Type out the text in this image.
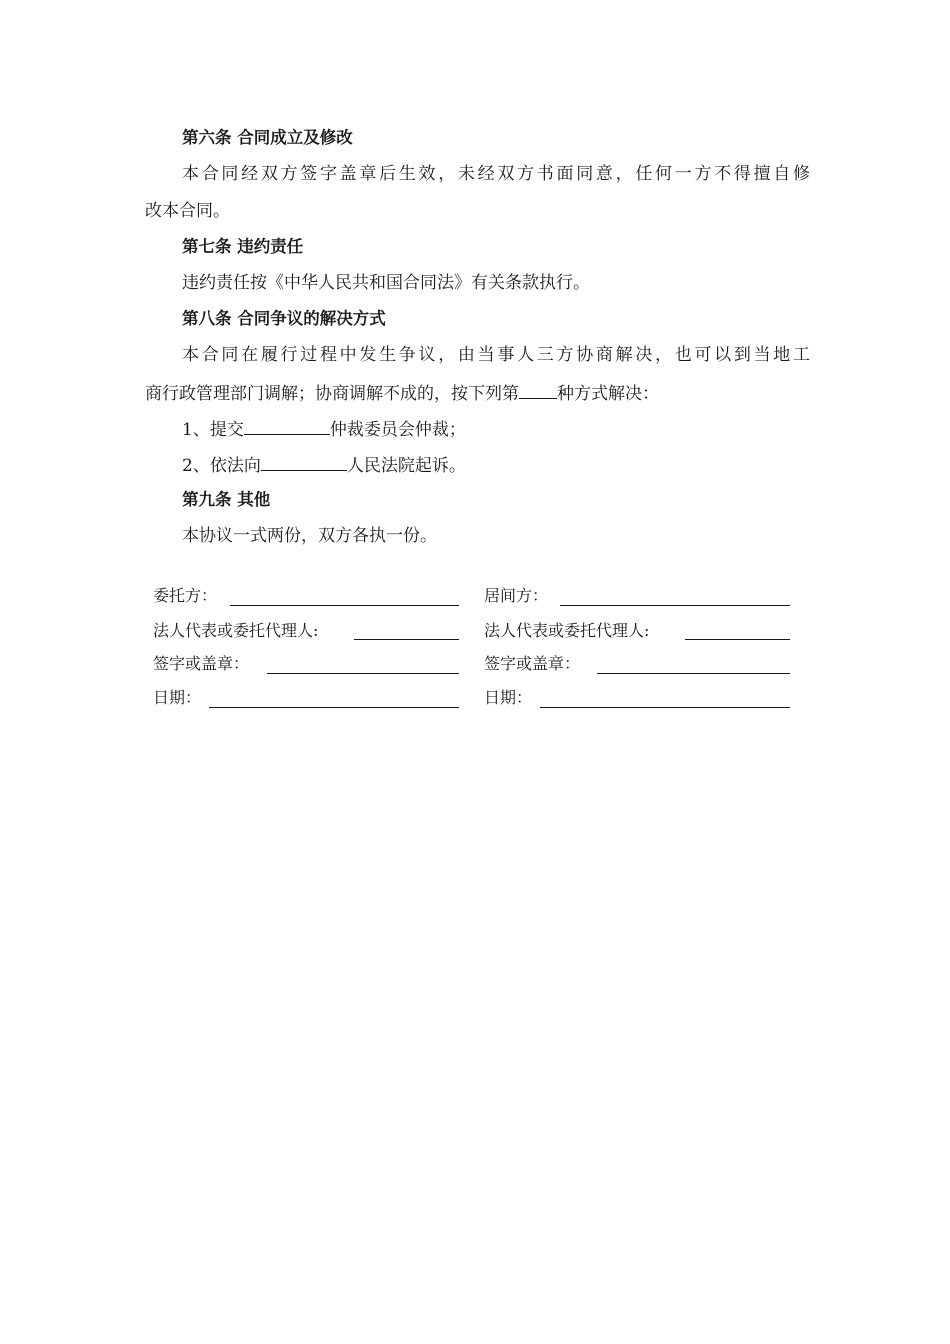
第六条 合同成立及修改
本合同经双方签字盖章后生效，未经双方书面同意，任何一方不得擅自修
改本合同。
第七条 违约责任
违约责任按《中华人民共和国合同法》有关条款执行。
第八条 合同争议的解决方式
本合同在履行过程中发生争议，由当事人三方协商解决，也可以到当地工
商行政管理部门调解；协商调解不成的，按下列第 种方式解决：
1、提交	仲裁委员会仲裁；
2、依法向	人民法院起诉。
第九条 其他
本协议一式两份，双方各执一份。
委托方：
法人代表或委托代理人:
签字或盖章：
日期：
居间方：
法人代表或委托代理人:
签字或盖章：
日期：
